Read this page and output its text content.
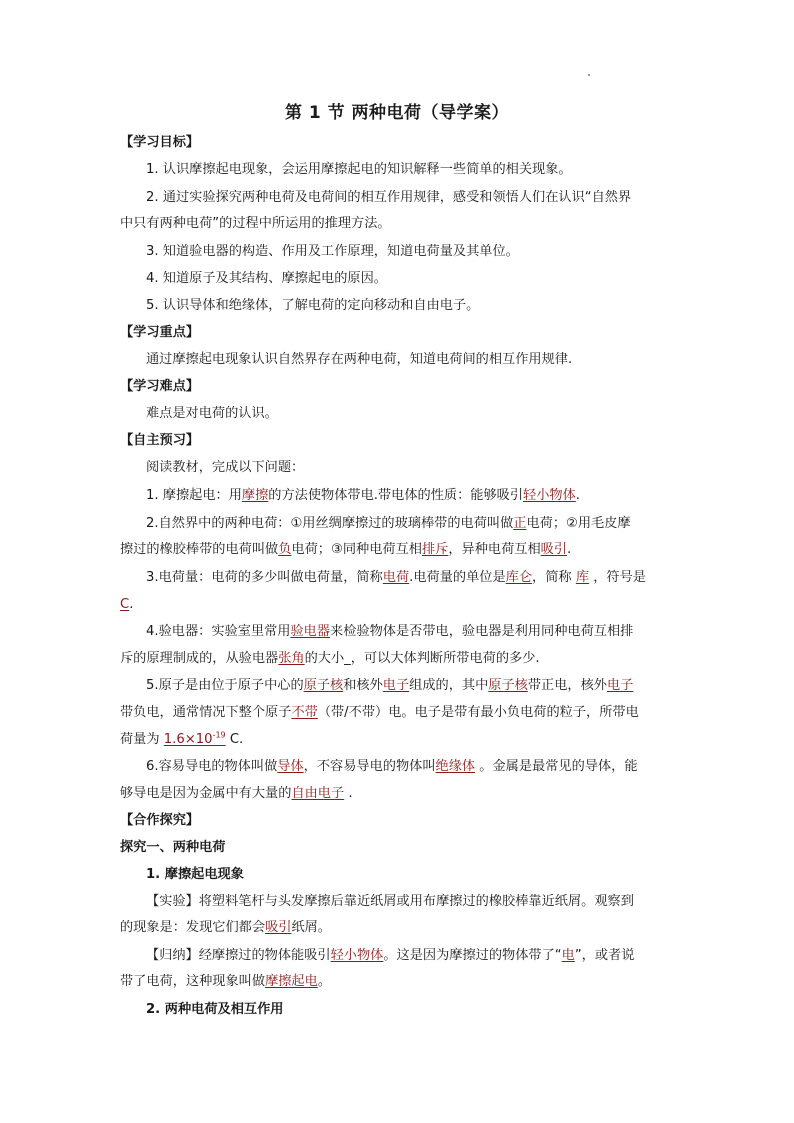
第 1 节 两种电荷（导学案）
【学习目标】
1. 认识摩擦起电现象，会运用摩擦起电的知识解释一些简单的相关现象。
2. 通过实验探究两种电荷及电荷间的相互作用规律，感受和领悟人们在认识“自然界
中只有两种电荷”的过程中所运用的推理方法。
3. 知道验电器的构造、作用及工作原理，知道电荷量及其单位。
4. 知道原子及其结构、摩擦起电的原因。
5. 认识导体和绝缘体，了解电荷的定向移动和自由电子。
【学习重点】
通过摩擦起电现象认识自然界存在两种电荷，知道电荷间的相互作用规律.
【学习难点】
难点是对电荷的认识。
【自主预习】
阅读教材，完成以下问题：
1. 摩擦起电：用摩擦的方法使物体带电.带电体的性质：能够吸引轻小物体.
2.自然界中的两种电荷：①用丝绸摩擦过的玻璃棒带的电荷叫做正电荷；②用毛皮摩
擦过的橡胶棒带的电荷叫做负电荷；③同种电荷互相排斥，异种电荷互相吸引.
3.电荷量：电荷的多少叫做电荷量，简称电荷.电荷量的单位是库仑，简称 库 ，符号是
C.
4.验电器：实验室里常用验电器来检验物体是否带电，验电器是利用同种电荷互相排
斥的原理制成的，从验电器张角的大小_，可以大体判断所带电荷的多少.
5.原子是由位于原子中心的原子核和核外电子组成的，其中原子核带正电，核外电子
带负电，通常情况下整个原子不带（带/不带）电。电子是带有最小负电荷的粒子，所带电
荷量为 $1.6\times 10^{-19}$ C.
6.容易导电的物体叫做导体，不容易导电的物体叫绝缘体 。金属是最常见的导体，能
够导电是因为金属中有大量的自由电子 .
【合作探究】
探究一、两种电荷
1. 摩擦起电现象
【实验】将塑料笔杆与头发摩擦后靠近纸屑或用布摩擦过的橡胶棒靠近纸屑。观察到
的现象是：发现它们都会吸引纸屑。
【归纳】经摩擦过的物体能吸引轻小物体。这是因为摩擦过的物体带了“电”，或者说
带了电荷，这种现象叫做摩擦起电。
2. 两种电荷及相互作用
